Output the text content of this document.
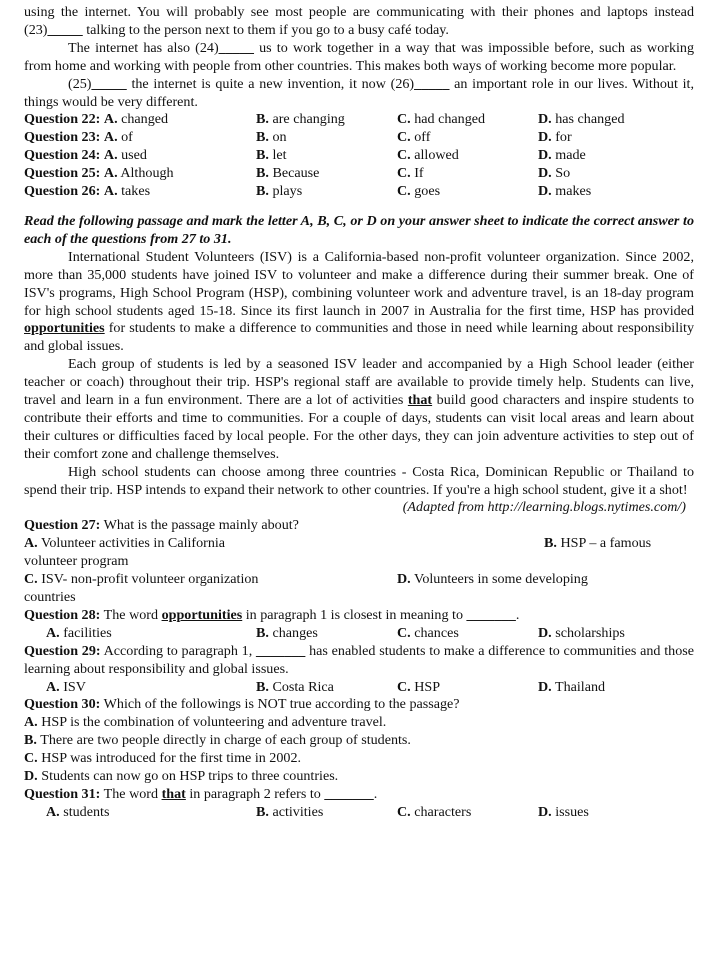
using the internet. You will probably see most people are communicating with their phones and laptops instead (23)_____ talking to the person next to them if you go to a busy café today.

The internet has also (24)_____ us to work together in a way that was impossible before, such as working from home and working with people from other countries. This makes both ways of working become more popular.

(25)_____ the internet is quite a new invention, it now (26)_____ an important role in our lives. Without it, things would be very different.

Question 22: A. changed	B. are changing	C. had changed	D. has changed
Question 23: A. of	B. on	C. off	D. for
Question 24: A. used	B. let	C. allowed	D. made
Question 25: A. Although	B. Because	C. If	D. So
Question 26: A. takes	B. plays	C. goes	D. makes

Read the following passage and mark the letter A, B, C, or D on your answer sheet to indicate the correct answer to each of the questions from 27 to 31.

International Student Volunteers (ISV) is a California-based non-profit volunteer organization. Since 2002, more than 35,000 students have joined ISV to volunteer and make a difference during their summer break. One of ISV's programs, High School Program (HSP), combining volunteer work and adventure travel, is an 18-day program for high school students aged 15-18. Since its first launch in 2007 in Australia for the first time, HSP has provided opportunities for students to make a difference to communities and those in need while learning about responsibility and global issues.

Each group of students is led by a seasoned ISV leader and accompanied by a High School leader (either teacher or coach) throughout their trip. HSP's regional staff are available to provide timely help. Students can live, travel and learn in a fun environment. There are a lot of activities that build good characters and inspire students to contribute their efforts and time to communities. For a couple of days, students can visit local areas and learn about their cultures or difficulties faced by local people. For the other days, they can join adventure activities to step out of their comfort zone and challenge themselves.

High school students can choose among three countries - Costa Rica, Dominican Republic or Thailand to spend their trip. HSP intends to expand their network to other countries. If you're a high school student, give it a shot!

(Adapted from http://learning.blogs.nytimes.com/)

Question 27: What is the passage mainly about?

A. Volunteer activities in California	B. HSP – a famous

volunteer program

C. ISV- non-profit volunteer organization	D. Volunteers in some developing

countries

Question 28: The word opportunities in paragraph 1 is closest in meaning to _______.

A. facilities	B. changes	C. chances	D. scholarships

Question 29: According to paragraph 1, _______ has enabled students to make a difference to communities and those learning about responsibility and global issues.

A. ISV	B. Costa Rica	C. HSP	D. Thailand

Question 30: Which of the followings is NOT true according to the passage?

A. HSP is the combination of volunteering and adventure travel.

B. There are two people directly in charge of each group of students.

C. HSP was introduced for the first time in 2002.

D. Students can now go on HSP trips to three countries.

Question 31: The word that in paragraph 2 refers to _______.

A. students	B. activities	C. characters	D. issues
